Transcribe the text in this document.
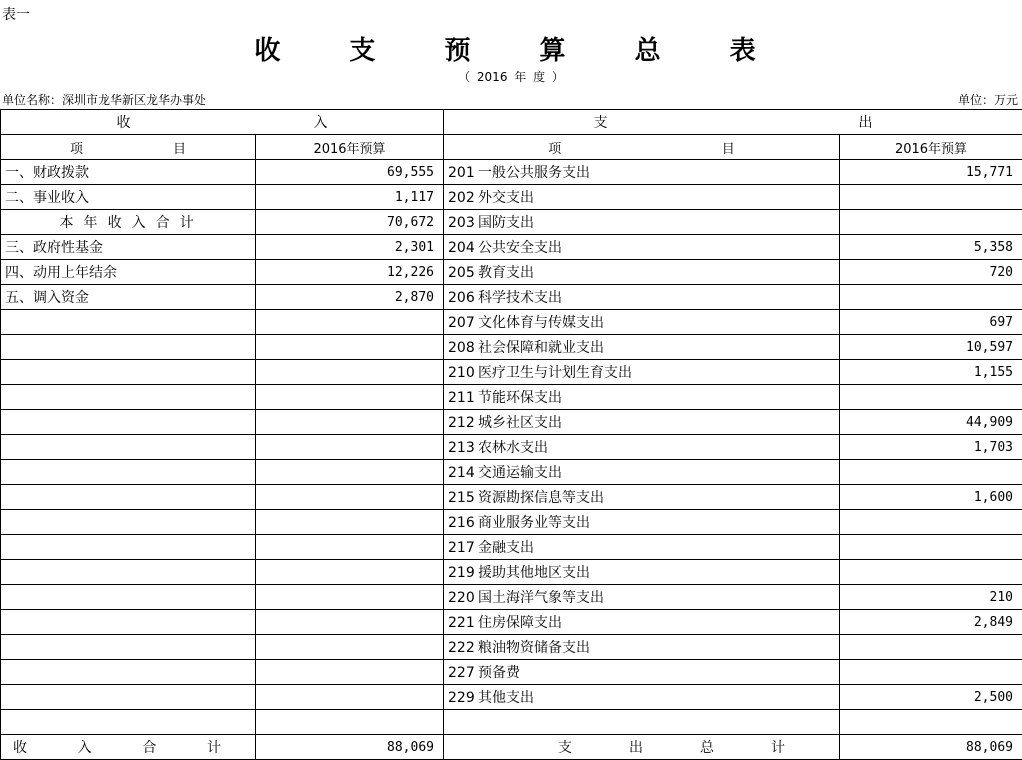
表一
收 支 预 算 总 表
（ 2016 年 度 ）
单位名称：深圳市龙华新区龙华办事处	单位：万元
收 入		支 出	

项 目	2016年预算	项 目	2016年预算
一、财政拨款	69,555	201 一般公共服务支出	15,771
二、事业收入	1,117	202 外交支出	
本 年 收 入 合 计	70,672	203 国防支出	
三、政府性基金	2,301	204 公共安全支出	5,358
四、动用上年结余	12,226	205 教育支出	720
五、调入资金	2,870	206 科学技术支出	
		207 文化体育与传媒支出	697
		208 社会保障和就业支出	10,597
		210 医疗卫生与计划生育支出	1,155
		211 节能环保支出	
		212 城乡社区支出	44,909
		213 农林水支出	1,703
		214 交通运输支出	
		215 资源勘探信息等支出	1,600
		216 商业服务业等支出	
		217 金融支出	
		219 援助其他地区支出	
		220 国土海洋气象等支出	210
		221 住房保障支出	2,849
		222 粮油物资储备支出	
		227 预备费	
		229 其他支出	2,500

收 入 合 计	88,069	支 出 总 计	88,069
